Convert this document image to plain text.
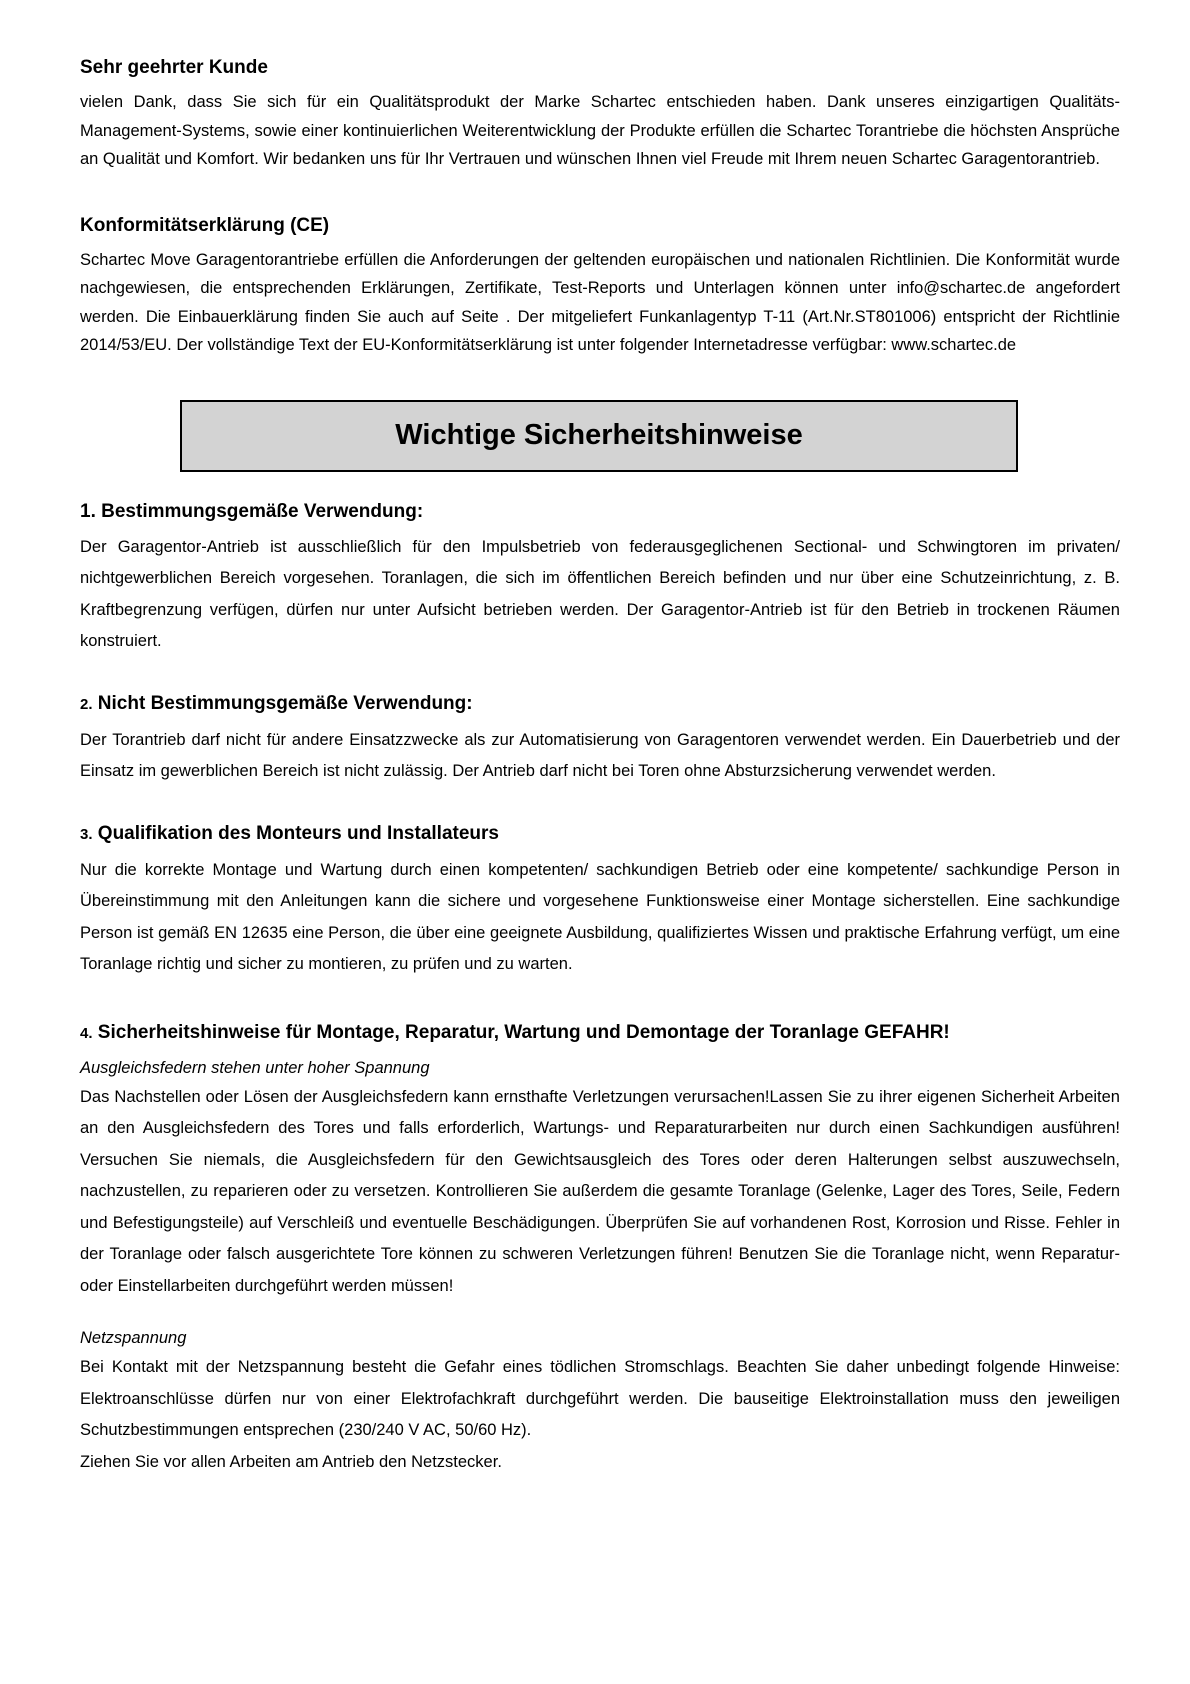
Sehr geehrter Kunde

vielen Dank, dass Sie sich für ein Qualitätsprodukt der Marke Schartec entschieden haben. Dank unseres einzigartigen Qualitäts-Management-Systems, sowie einer kontinuierlichen Weiterentwicklung der Produkte erfüllen die Schartec Torantriebe die höchsten Ansprüche an Qualität und Komfort. Wir bedanken uns für Ihr Vertrauen und wünschen Ihnen viel Freude mit Ihrem neuen Schartec Garagentorantrieb.

Konformitätserklärung (CE)

Schartec Move Garagentorantriebe erfüllen die Anforderungen der geltenden europäischen und nationalen Richtlinien. Die Konformität wurde nachgewiesen, die entsprechenden Erklärungen, Zertifikate, Test-Reports und Unterlagen können unter info@schartec.de angefordert werden. Die Einbauerklärung finden Sie auch auf Seite . Der mitgeliefert Funkanlagentyp T-11 (Art.Nr.ST801006) entspricht der Richtlinie 2014/53/EU. Der vollständige Text der EU-Konformitätserklärung ist unter folgender Internetadresse verfügbar: www.schartec.de

Wichtige Sicherheitshinweise
1. Bestimmungsgemäße Verwendung:

Der Garagentor-Antrieb ist ausschließlich für den Impulsbetrieb von federausgeglichenen Sectional- und Schwingtoren im privaten/ nichtgewerblichen Bereich vorgesehen. Toranlagen, die sich im öffentlichen Bereich befinden und nur über eine Schutzeinrichtung, z. B. Kraftbegrenzung verfügen, dürfen nur unter Aufsicht betrieben werden. Der Garagentor-Antrieb ist für den Betrieb in trockenen Räumen konstruiert.

2. Nicht Bestimmungsgemäße Verwendung:

Der Torantrieb darf nicht für andere Einsatzzwecke als zur Automatisierung von Garagentoren verwendet werden. Ein Dauerbetrieb und der Einsatz im gewerblichen Bereich ist nicht zulässig. Der Antrieb darf nicht bei Toren ohne Absturzsicherung verwendet werden.

3. Qualifikation des Monteurs und Installateurs

Nur die korrekte Montage und Wartung durch einen kompetenten/ sachkundigen Betrieb oder eine kompetente/ sachkundige Person in Übereinstimmung mit den Anleitungen kann die sichere und vorgesehene Funktionsweise einer Montage sicherstellen. Eine sachkundige Person ist gemäß EN 12635 eine Person, die über eine geeignete Ausbildung, qualifiziertes Wissen und praktische Erfahrung verfügt, um eine Toranlage richtig und sicher zu montieren, zu prüfen und zu warten.

4. Sicherheitshinweise für Montage, Reparatur, Wartung und Demontage der Toranlage GEFAHR!

Ausgleichsfedern stehen unter hoher Spannung

Das Nachstellen oder Lösen der Ausgleichsfedern kann ernsthafte Verletzungen verursachen!Lassen Sie zu ihrer eigenen Sicherheit Arbeiten an den Ausgleichsfedern des Tores und falls erforderlich, Wartungs- und Reparaturarbeiten nur durch einen Sachkundigen ausführen! Versuchen Sie niemals, die Ausgleichsfedern für den Gewichtsausgleich des Tores oder deren Halterungen selbst auszuwechseln, nachzustellen, zu reparieren oder zu versetzen. Kontrollieren Sie außerdem die gesamte Toranlage (Gelenke, Lager des Tores, Seile, Federn und Befestigungsteile) auf Verschleiß und eventuelle Beschädigungen. Überprüfen Sie auf vorhandenen Rost, Korrosion und Risse. Fehler in der Toranlage oder falsch ausgerichtete Tore können zu schweren Verletzungen führen! Benutzen Sie die Toranlage nicht, wenn Reparatur- oder Einstellarbeiten durchgeführt werden müssen!

Netzspannung

Bei Kontakt mit der Netzspannung besteht die Gefahr eines tödlichen Stromschlags. Beachten Sie daher unbedingt folgende Hinweise: Elektroanschlüsse dürfen nur von einer Elektrofachkraft durchgeführt werden. Die bauseitige Elektroinstallation muss den jeweiligen Schutzbestimmungen entsprechen (230/240 V AC, 50/60 Hz).

Ziehen Sie vor allen Arbeiten am Antrieb den Netzstecker.
